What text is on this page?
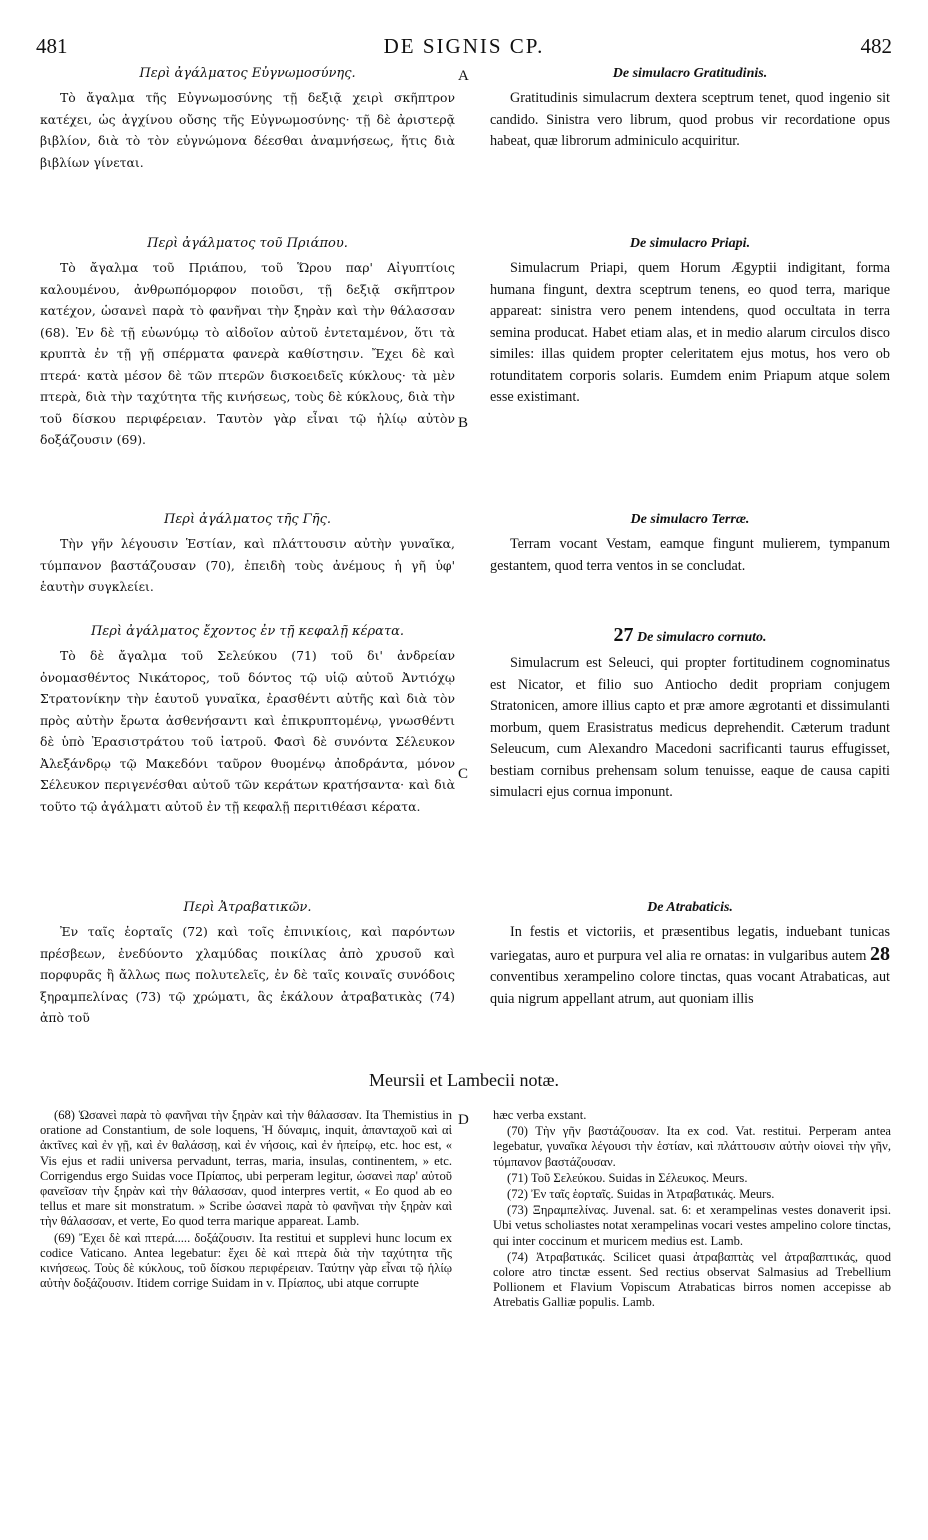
481	DE SIGNIS CP.	482
A
B
C
D

Περὶ ἀγάλματος Εὐγνωμοσύνης.

Τὸ ἄγαλμα τῆς Εὐγνωμοσύνης τῇ δεξιᾷ χειρὶ σκῆπτρον κατέχει, ὡς ἀγχίνου οὔσης τῆς Εὐγνωμοσύνης· τῇ δὲ ἀριστερᾷ βιβλίον, διὰ τὸ τὸν εὐγνώμονα δέεσθαι ἀναμνήσεως, ἥτις διὰ βιβλίων γίνεται.

Περὶ ἀγάλματος τοῦ Πριάπου.

Τὸ ἄγαλμα τοῦ Πριάπου, τοῦ Ὥρου παρ' Αἰγυπτίοις καλουμένου, ἀνθρωπόμορφον ποιοῦσι, τῇ δεξιᾷ σκῆπτρον κατέχον, ὡσανεὶ παρὰ τὸ φανῆναι τὴν ξηρὰν καὶ τὴν θάλασσαν (68). Ἐν δὲ τῇ εὐωνύμῳ τὸ αἰδοῖον αὐτοῦ ἐντεταμένον, ὅτι τὰ κρυπτὰ ἐν τῇ γῇ σπέρματα φανερὰ καθίστησιν. Ἔχει δὲ καὶ πτερά· κατὰ μέσον δὲ τῶν πτερῶν δισκοειδεῖς κύκλους· τὰ μὲν πτερὰ, διὰ τὴν ταχύτητα τῆς κινήσεως, τοὺς δὲ κύκλους, διὰ τὴν τοῦ δίσκου περιφέρειαν. Ταυτὸν γὰρ εἶναι τῷ ἡλίῳ αὐτὸν δοξάζουσιν (69).

Περὶ ἀγάλματος τῆς Γῆς.

Τὴν γῆν λέγουσιν Ἑστίαν, καὶ πλάττουσιν αὐτὴν γυναῖκα, τύμπανον βαστάζουσαν (70), ἐπειδὴ τοὺς ἀνέμους ἡ γῆ ὑφ' ἑαυτὴν συγκλείει.

Περὶ ἀγάλματος ἔχοντος ἐν τῇ κεφαλῇ κέρατα.

Τὸ δὲ ἄγαλμα τοῦ Σελεύκου (71) τοῦ δι' ἀνδρείαν ὀνομασθέντος Νικάτορος, τοῦ δόντος τῷ υἱῷ αὐτοῦ Ἀντιόχῳ Στρατονίκην τὴν ἑαυτοῦ γυναῖκα, ἐρασθέντι αὐτῆς καὶ διὰ τὸν πρὸς αὐτὴν ἔρωτα ἀσθενήσαντι καὶ ἐπικρυπτομένῳ, γνωσθέντι δὲ ὑπὸ Ἐρασιστράτου τοῦ ἰατροῦ. Φασὶ δὲ συνόντα Σέλευκον Ἀλεξάνδρῳ τῷ Μακεδόνι ταῦρον θυομένῳ ἀποδράντα, μόνον Σέλευκον περιγενέσθαι αὐτοῦ τῶν κεράτων κρατήσαντα· καὶ διὰ τοῦτο τῷ ἀγάλματι αὐτοῦ ἐν τῇ κεφαλῇ περιτιθέασι κέρατα.

Περὶ Ἀτραβατικῶν.

Ἐν ταῖς ἑορταῖς (72) καὶ τοῖς ἐπινικίοις, καὶ παρόντων πρέσβεων, ἐνεδύοντο χλαμύδας ποικίλας ἀπὸ χρυσοῦ καὶ πορφυρᾶς ἢ ἄλλως πως πολυτελεῖς, ἐν δὲ ταῖς κοιναῖς συνόδοις ξηραμπελίνας (73) τῷ χρώματι, ἃς ἐκάλουν ἀτραβατικὰς (74) ἀπὸ τοῦ

De simulacro Gratitudinis.

Gratitudinis simulacrum dextera sceptrum tenet, quod ingenio sit candido. Sinistra vero librum, quod probus vir recordatione opus habeat, quæ librorum adminiculo acquiritur.

De simulacro Priapi.

Simulacrum Priapi, quem Horum Ægyptii indigitant, forma humana fingunt, dextra sceptrum tenens, eo quod terra, marique appareat: sinistra vero penem intendens, quod occultata in terra semina producat. Habet etiam alas, et in medio alarum circulos disco similes: illas quidem propter celeritatem ejus motus, hos vero ob rotunditatem corporis solaris. Eumdem enim Priapum atque solem esse existimant.

De simulacro Terræ.

Terram vocant Vestam, eamque fingunt mulierem, tympanum gestantem, quod terra ventos in se concludat.

27 De simulacro cornuto.

Simulacrum est Seleuci, qui propter fortitudinem cognominatus est Nicator, et filio suo Antiocho dedit propriam conjugem Stratonicen, amore illius capto et præ amore ægrotanti et dissimulanti morbum, quem Erasistratus medicus deprehendit. Cæterum tradunt Seleucum, cum Alexandro Macedoni sacrificanti taurus effugisset, bestiam cornibus prehensam solum tenuisse, eaque de causa capiti simulacri ejus cornua imponunt.

De Atrabaticis.

In festis et victoriis, et præsentibus legatis, induebant tunicas variegatas, auro et purpura vel alia re ornatas: in vulgaribus autem 28 conventibus xerampelino colore tinctas, quas vocant Atrabaticas, aut quia nigrum appellant atrum, aut quoniam illis

Meursii et Lambecii notæ.

(68) Ὡσανεὶ παρὰ τὸ φανῆναι τὴν ξηρὰν καὶ τὴν θάλασσαν. Ita Themistius in oratione ad Constantium, de sole loquens, Ἡ δύναμις, inquit, ἁπανταχοῦ καὶ αἱ ἀκτῖνες καὶ ἐν γῇ, καὶ ἐν θαλάσσῃ, καὶ ἐν νήσοις, καὶ ἐν ἠπείρῳ, etc. hoc est, « Vis ejus et radii universa pervadunt, terras, maria, insulas, continentem, » etc. Corrigendus ergo Suidas voce Πρίαπος, ubi perperam legitur, ὡσανεὶ παρ' αὐτοῦ φανεῖσαν τὴν ξηρὰν καὶ τὴν θάλασσαν, quod interpres vertit, « Eo quod ab eo tellus et mare sit monstratum. » Scribe ὡσανεὶ παρὰ τὸ φανῆναι τὴν ξηρὰν καὶ τὴν θάλασσαν, et verte, Eo quod terra marique appareat. Lamb.

(69) Ἔχει δὲ καὶ πτερά..... δοξάζουσιν. Ita restitui et supplevi hunc locum ex codice Vaticano. Antea legebatur: ἔχει δὲ καὶ πτερὰ διὰ τὴν ταχύτητα τῆς κινήσεως. Τοὺς δὲ κύκλους, τοῦ δίσκου περιφέρειαν. Ταύτην γὰρ εἶναι τῷ ἡλίῳ αὐτὴν δοξάζουσιν. Itidem corrige Suidam in v. Πρίαπος, ubi atque corrupte

hæc verba exstant.

(70) Τὴν γῆν βαστάζουσαν. Ita ex cod. Vat. restitui. Perperam antea legebatur, γυναῖκα λέγουσι τὴν ἑστίαν, καὶ πλάττουσιν αὐτὴν οἱονεὶ τὴν γῆν, τύμπανον βαστάζουσαν.

(71) Τοῦ Σελεύκου. Suidas in Σέλευκος. Meurs.

(72) Ἐν ταῖς ἑορταῖς. Suidas in Ἀτραβατικάς. Meurs.

(73) Ξηραμπελίνας. Juvenal. sat. 6: et xerampelinas vestes donaverit ipsi. Ubi vetus scholiastes notat xerampelinas vocari vestes ampelino colore tinctas, qui inter coccinum et muricem medius est. Lamb.

(74) Ἀτραβατικάς. Scilicet quasi ἀτραβαπτὰς vel ἀτραβαπτικάς, quod colore atro tinctæ essent. Sed rectius observat Salmasius ad Trebellium Pollionem et Flavium Vopiscum Atrabaticas birros nomen accepisse ab Atrebatis Galliæ populis. Lamb.
